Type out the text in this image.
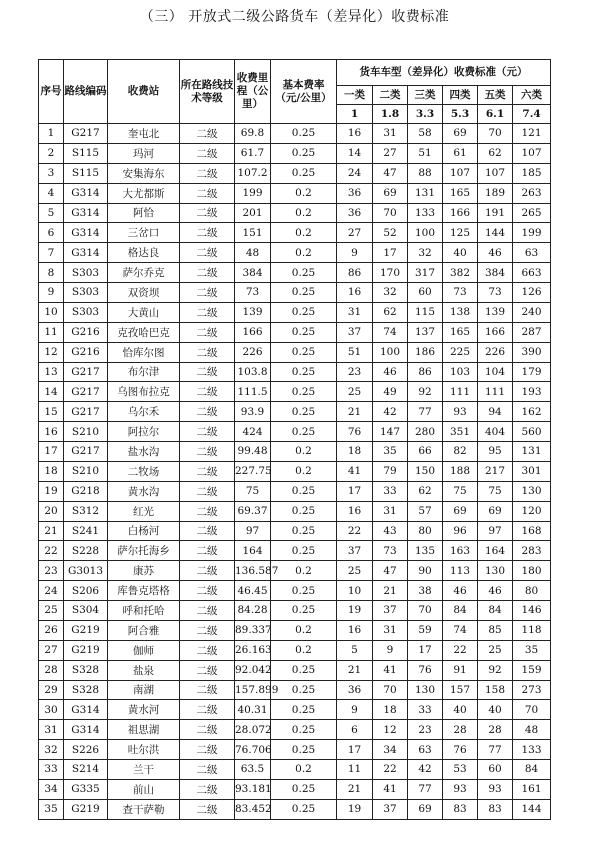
（三） 开放式二级公路货车（差异化）收费标准
序号	路线编码	收费站	所在路线技术等级	收费里程（公里）	基本费率（元/公里）	货车车型（差异化）收费标准（元）					
						一类	二类	三类	四类	五类	六类
						1	1.8	3.3	5.3	6.1	7.4
1	G217	奎屯北	二级	69.8	0.25	16	31	58	69	70	121
2	S115	玛河	二级	61.7	0.25	14	27	51	61	62	107
3	S115	安集海东	二级	107.2	0.25	24	47	88	107	107	185
4	G314	大尤都斯	二级	199	0.2	36	69	131	165	189	263
5	G314	阿恰	二级	201	0.2	36	70	133	166	191	265
6	G314	三岔口	二级	151	0.2	27	52	100	125	144	199
7	G314	格达良	二级	48	0.2	9	17	32	40	46	63
8	S303	萨尔乔克	二级	384	0.25	86	170	317	382	384	663
9	S303	双资坝	二级	73	0.25	16	32	60	73	73	126
10	S303	大黄山	二级	139	0.25	31	62	115	138	139	240
11	G216	克孜哈巴克	二级	166	0.25	37	74	137	165	166	287
12	G216	恰库尔图	二级	226	0.25	51	100	186	225	226	390
13	G217	布尔津	二级	103.8	0.25	23	46	86	103	104	179
14	G217	乌图布拉克	二级	111.5	0.25	25	49	92	111	111	193
15	G217	乌尔禾	二级	93.9	0.25	21	42	77	93	94	162
16	S210	阿拉尔	二级	424	0.25	76	147	280	351	404	560
17	G217	盐水沟	二级	99.48	0.2	18	35	66	82	95	131
18	S210	二牧场	二级	227.75	0.2	41	79	150	188	217	301
19	G218	黄水沟	二级	75	0.25	17	33	62	75	75	130
20	S312	红光	二级	69.37	0.25	16	31	57	69	69	120
21	S241	白杨河	二级	97	0.25	22	43	80	96	97	168
22	S228	萨尔托海乡	二级	164	0.25	37	73	135	163	164	283
23	G3013	康苏	二级	136.587	0.2	25	47	90	113	130	180
24	S206	库鲁克塔格	二级	46.45	0.25	10	21	38	46	46	80
25	S304	呼和托哈	二级	84.28	0.25	19	37	70	84	84	146
26	G219	阿合雅	二级	89.337	0.2	16	31	59	74	85	118
27	G219	伽师	二级	26.163	0.2	5	9	17	22	25	35
28	S328	盐泉	二级	92.042	0.25	21	41	76	91	92	159
29	S328	南湖	二级	157.899	0.25	36	70	130	157	158	273
30	G314	黄水河	二级	40.31	0.25	9	18	33	40	40	70
31	G314	祖思湖	二级	28.072	0.25	6	12	23	28	28	48
32	S226	吐尔洪	二级	76.706	0.25	17	34	63	76	77	133
33	S214	兰干	二级	63.5	0.2	11	22	42	53	60	84
34	G335	前山	二级	93.181	0.25	21	41	77	93	93	161
35	G219	查干萨勒	二级	83.452	0.25	19	37	69	83	83	144
